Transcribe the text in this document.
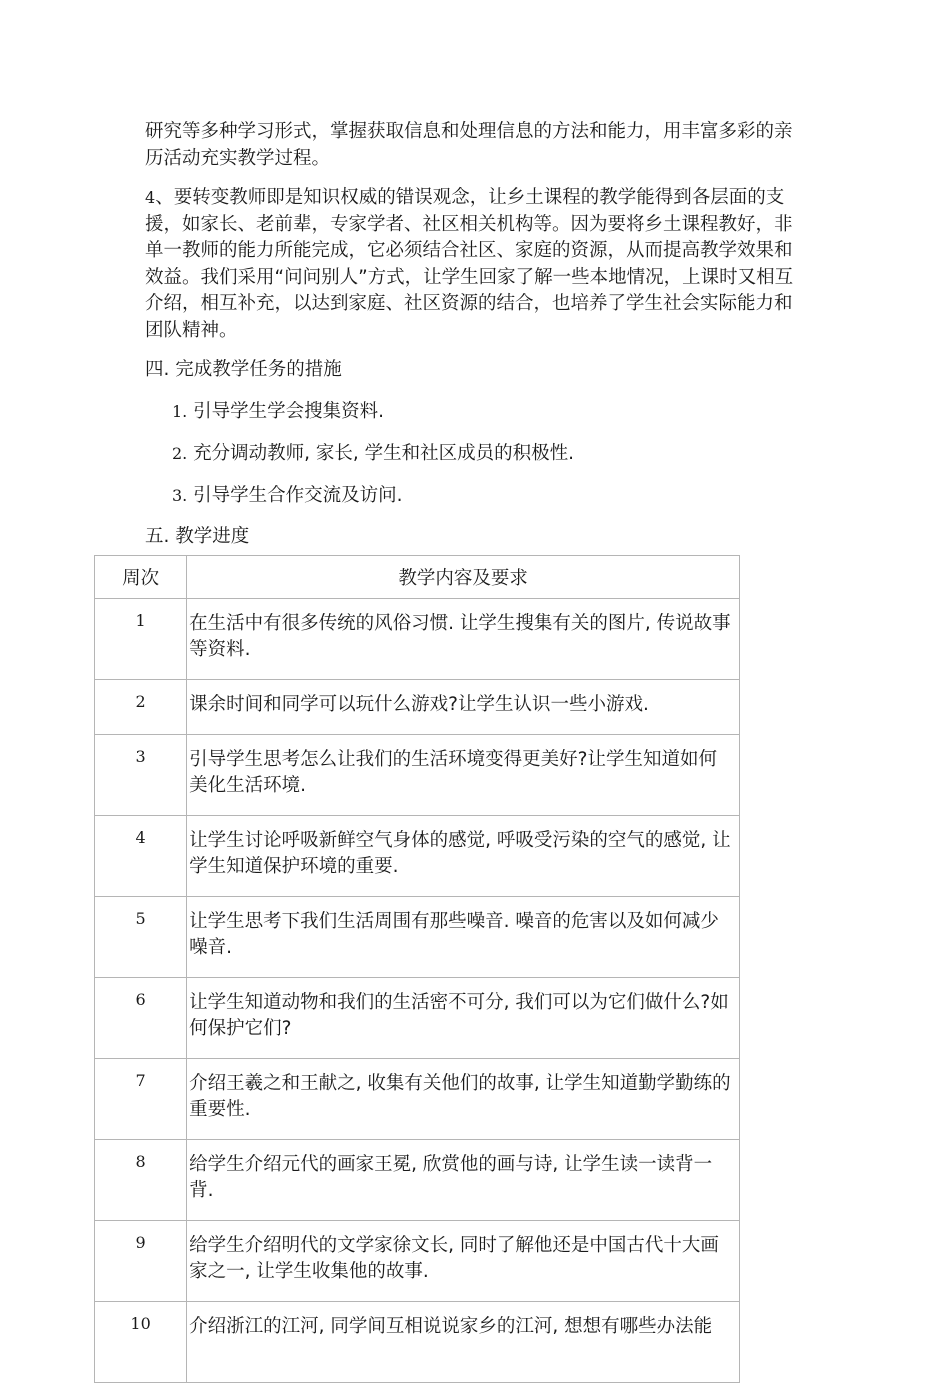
研究等多种学习形式，掌握获取信息和处理信息的方法和能力，用丰富多彩的亲历活动充实教学过程。

4、要转变教师即是知识权威的错误观念，让乡土课程的教学能得到各层面的支援，如家长、老前辈，专家学者、社区相关机构等。因为要将乡土课程教好，非单一教师的能力所能完成，它必须结合社区、家庭的资源，从而提高教学效果和效益。我们采用“问问别人”方式，让学生回家了解一些本地情况，上课时又相互介绍，相互补充，以达到家庭、社区资源的结合，也培养了学生社会实际能力和团队精神。

四. 完成教学任务的措施
1. 引导学生学会搜集资料.
2. 充分调动教师, 家长, 学生和社区成员的积极性.
3. 引导学生合作交流及访问.
五. 教学进度
周次	教学内容及要求
1	在生活中有很多传统的风俗习惯. 让学生搜集有关的图片, 传说故事等资料.
2	课余时间和同学可以玩什么游戏?让学生认识一些小游戏.
3	引导学生思考怎么让我们的生活环境变得更美好?让学生知道如何美化生活环境.
4	让学生讨论呼吸新鲜空气身体的感觉, 呼吸受污染的空气的感觉, 让学生知道保护环境的重要.
5	让学生思考下我们生活周围有那些噪音. 噪音的危害以及如何减少噪音.
6	让学生知道动物和我们的生活密不可分, 我们可以为它们做什么?如何保护它们?
7	介绍王羲之和王献之, 收集有关他们的故事, 让学生知道勤学勤练的重要性.
8	给学生介绍元代的画家王冕, 欣赏他的画与诗, 让学生读一读背一背.
9	给学生介绍明代的文学家徐文长, 同时了解他还是中国古代十大画家之一, 让学生收集他的故事.
10	介绍浙江的江河, 同学间互相说说家乡的江河, 想想有哪些办法能
